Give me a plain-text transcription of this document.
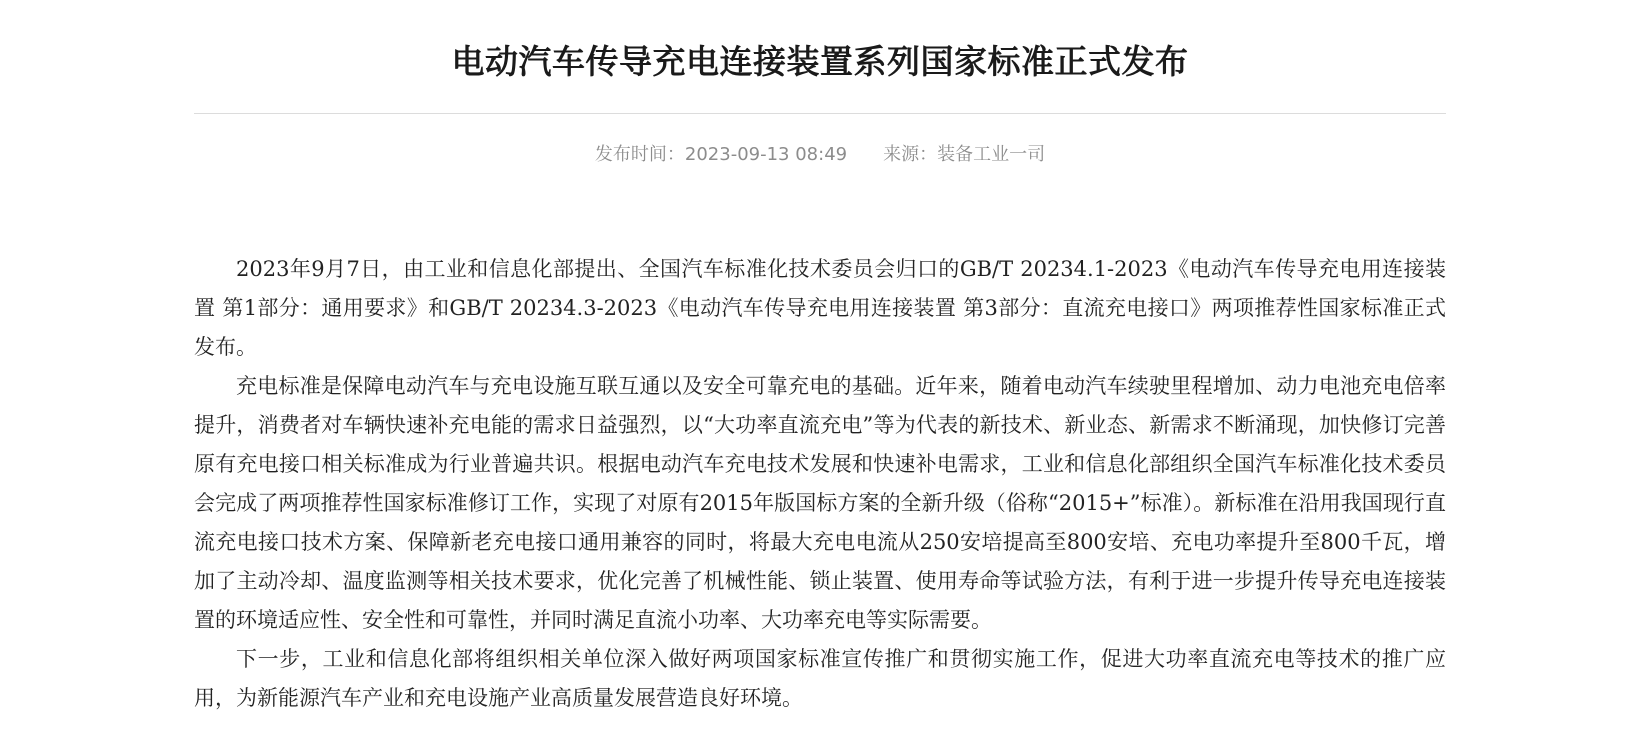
电动汽车传导充电连接装置系列国家标准正式发布
发布时间：2023-09-13 08:49 来源：装备工业一司

2023年9月7日，由工业和信息化部提出、全国汽车标准化技术委员会归口的GB/T 20234.1-2023《电动汽车传导充电用连接装置 第1部分：通用要求》和GB/T 20234.3-2023《电动汽车传导充电用连接装置 第3部分：直流充电接口》两项推荐性国家标准正式发布。

充电标准是保障电动汽车与充电设施互联互通以及安全可靠充电的基础。近年来，随着电动汽车续驶里程增加、动力电池充电倍率提升，消费者对车辆快速补充电能的需求日益强烈，以“大功率直流充电”等为代表的新技术、新业态、新需求不断涌现，加快修订完善原有充电接口相关标准成为行业普遍共识。根据电动汽车充电技术发展和快速补电需求，工业和信息化部组织全国汽车标准化技术委员会完成了两项推荐性国家标准修订工作，实现了对原有2015年版国标方案的全新升级（俗称“2015+”标准）。新标准在沿用我国现行直流充电接口技术方案、保障新老充电接口通用兼容的同时，将最大充电电流从250安培提高至800安培、充电功率提升至800千瓦，增加了主动冷却、温度监测等相关技术要求，优化完善了机械性能、锁止装置、使用寿命等试验方法，有利于进一步提升传导充电连接装置的环境适应性、安全性和可靠性，并同时满足直流小功率、大功率充电等实际需要。

下一步，工业和信息化部将组织相关单位深入做好两项国家标准宣传推广和贯彻实施工作，促进大功率直流充电等技术的推广应用，为新能源汽车产业和充电设施产业高质量发展营造良好环境。
